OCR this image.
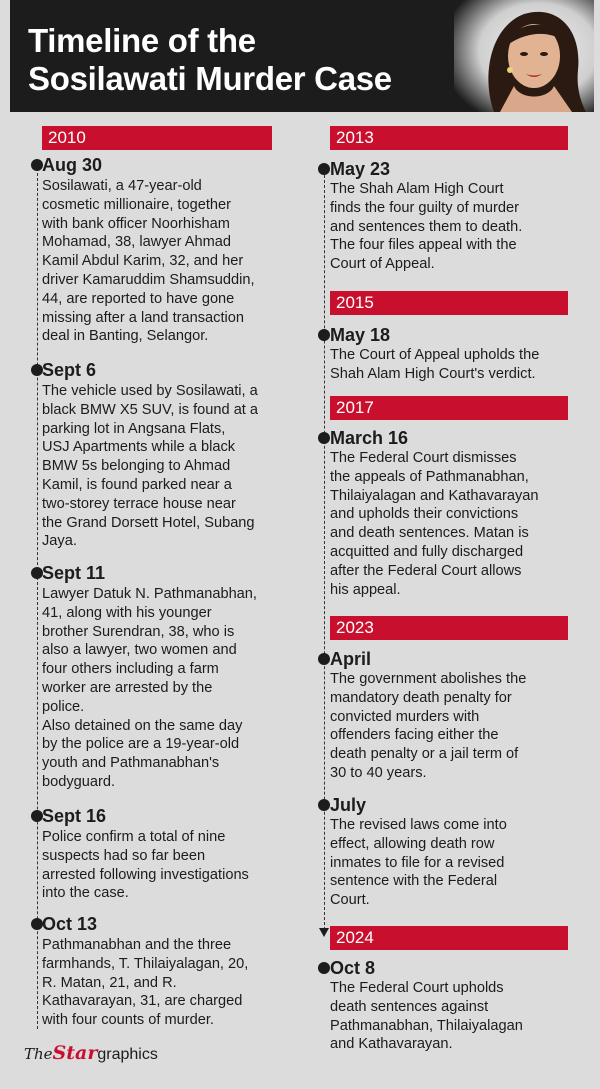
Timeline of the
Sosilawati Murder Case
2010
Aug 30
Sosilawati, a 47-year-old
cosmetic millionaire, together
with bank officer Noorhisham
Mohamad, 38, lawyer Ahmad
Kamil Abdul Karim, 32, and her
driver Kamaruddim Shamsuddin,
44, are reported to have gone
missing after a land transaction
deal in Banting, Selangor.
Sept 6
The vehicle used by Sosilawati, a
black BMW X5 SUV, is found at a
parking lot in Angsana Flats,
USJ Apartments while a black
BMW 5s belonging to Ahmad
Kamil, is found parked near a
two-storey terrace house near
the Grand Dorsett Hotel, Subang
Jaya.
Sept 11
Lawyer Datuk N. Pathmanabhan,
41, along with his younger
brother Surendran, 38, who is
also a lawyer, two women and
four others including a farm
worker are arrested by the
police.
Also detained on the same day
by the police are a 19-year-old
youth and Pathmanabhan's
bodyguard.
Sept 16
Police confirm a total of nine
suspects had so far been
arrested following investigations
into the case.
Oct 13
Pathmanabhan and the three
farmhands, T. Thilaiyalagan, 20,
R. Matan, 21, and R.
Kathavarayan, 31, are charged
with four counts of murder.
2013
May 23
The Shah Alam High Court
finds the four guilty of murder
and sentences them to death.
The four files appeal with the
Court of Appeal.
2015
May 18
The Court of Appeal upholds the
Shah Alam High Court's verdict.
2017
March 16
The Federal Court dismisses
the appeals of Pathmanabhan,
Thilaiyalagan and Kathavarayan
and upholds their convictions
and death sentences. Matan is
acquitted and fully discharged
after the Federal Court allows
his appeal.
2023
April
The government abolishes the
mandatory death penalty for
convicted murders with
offenders facing either the
death penalty or a jail term of
30 to 40 years.
July
The revised laws come into
effect, allowing death row
inmates to file for a revised
sentence with the Federal
Court.
2024
Oct 8
The Federal Court upholds
death sentences against
Pathmanabhan, Thilaiyalagan
and Kathavarayan.
TheStargraphics
